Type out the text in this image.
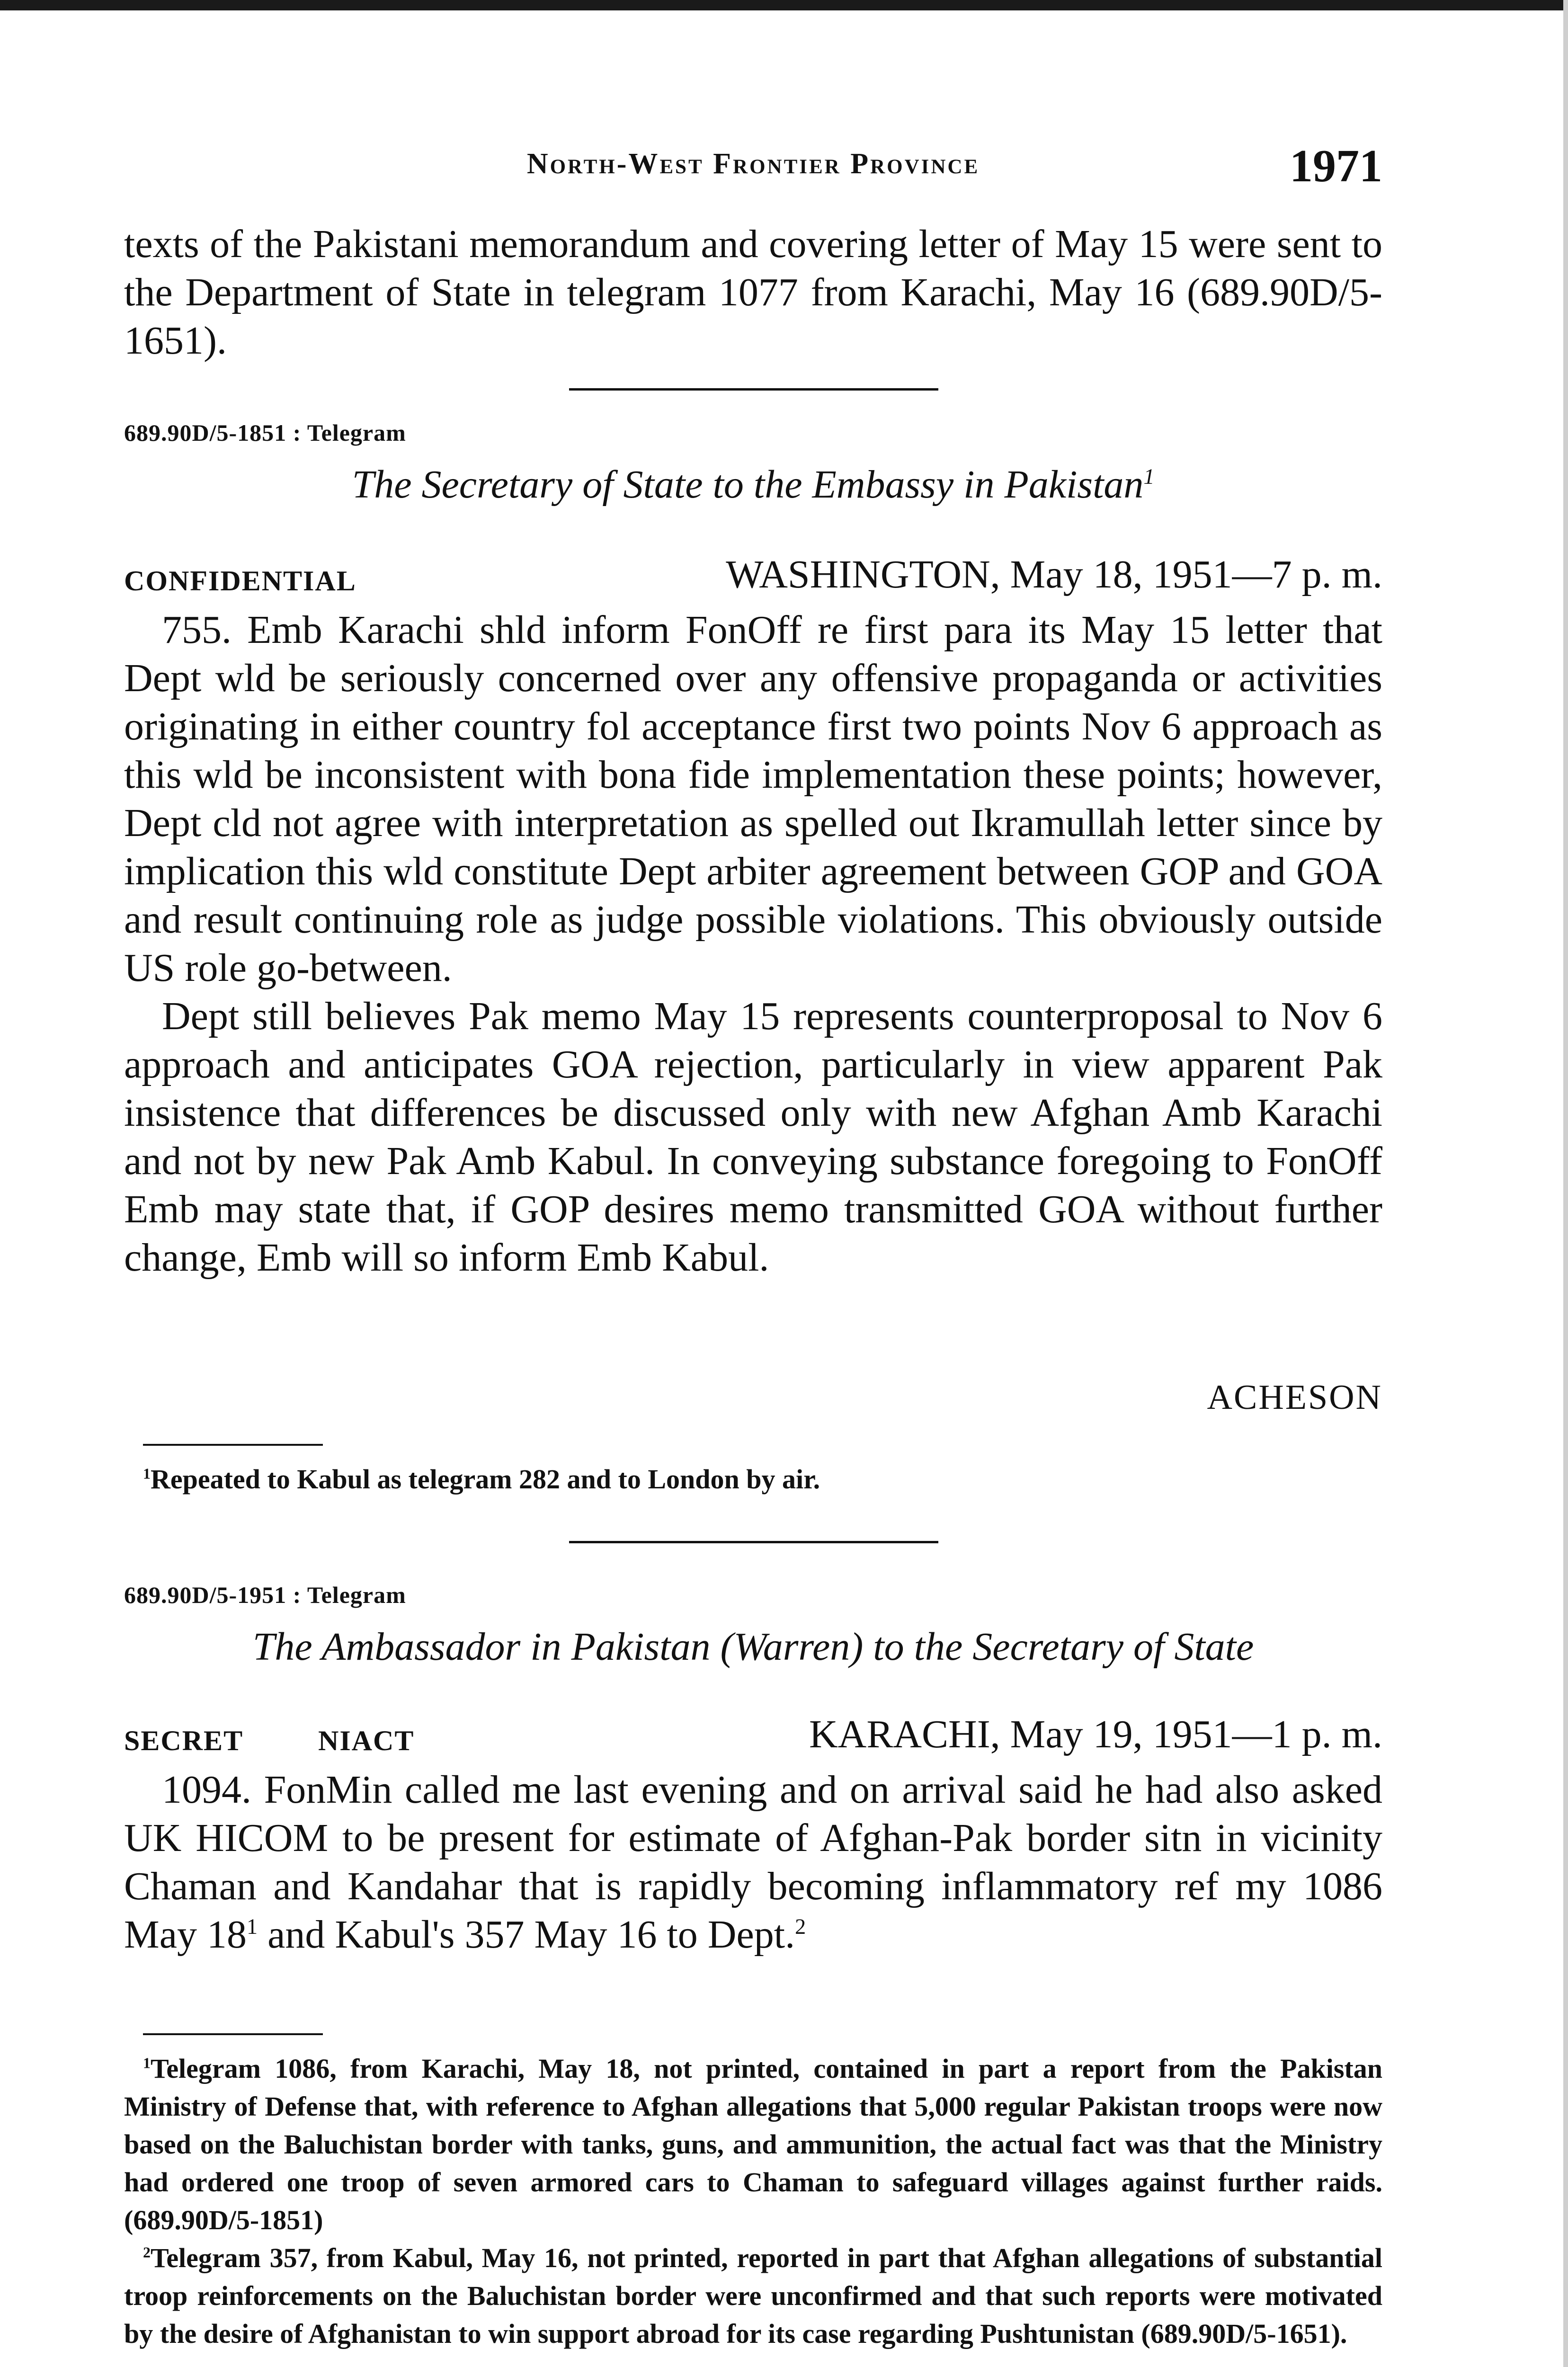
North-West Frontier Province	1971

texts of the Pakistani memorandum and covering letter of May 15 were sent to the Department of State in telegram 1077 from Karachi, May 16 (689.90D/5-1651).

689.90D/5-1851 : Telegram
The Secretary of State to the Embassy in Pakistan$^1$
CONFIDENTIAL	WASHINGTON, May 18, 1951—7 p. m.

755. Emb Karachi shld inform FonOff re first para its May 15 letter that Dept wld be seriously concerned over any offensive propaganda or activities originating in either country fol acceptance first two points Nov 6 approach as this wld be inconsistent with bona fide implementation these points; however, Dept cld not agree with interpretation as spelled out Ikramullah letter since by implication this wld constitute Dept arbiter agreement between GOP and GOA and result continuing role as judge possible violations. This obviously outside US role go-between.

Dept still believes Pak memo May 15 represents counterproposal to Nov 6 approach and anticipates GOA rejection, particularly in view apparent Pak insistence that differences be discussed only with new Afghan Amb Karachi and not by new Pak Amb Kabul. In conveying substance foregoing to FonOff Emb may state that, if GOP desires memo transmitted GOA without further change, Emb will so inform Emb Kabul.

ACHESON

$^1$Repeated to Kabul as telegram 282 and to London by air.

689.90D/5-1951 : Telegram
The Ambassador in Pakistan (Warren) to the Secretary of State
SECRET	NIACT	KARACHI, May 19, 1951—1 p. m.

1094. FonMin called me last evening and on arrival said he had also asked UK HICOM to be present for estimate of Afghan-Pak border sitn in vicinity Chaman and Kandahar that is rapidly becoming inflammatory ref my 1086 May $18^1$ and Kabul's 357 May 16 to Dept.$^2$

$^1$Telegram 1086, from Karachi, May 18, not printed, contained in part a report from the Pakistan Ministry of Defense that, with reference to Afghan allegations that 5,000 regular Pakistan troops were now based on the Baluchistan border with tanks, guns, and ammunition, the actual fact was that the Ministry had ordered one troop of seven armored cars to Chaman to safeguard villages against further raids. (689.90D/5-1851)

$^2$Telegram 357, from Kabul, May 16, not printed, reported in part that Afghan allegations of substantial troop reinforcements on the Baluchistan border were unconfirmed and that such reports were motivated by the desire of Afghanistan to win support abroad for its case regarding Pushtunistan (689.90D/5-1651).
